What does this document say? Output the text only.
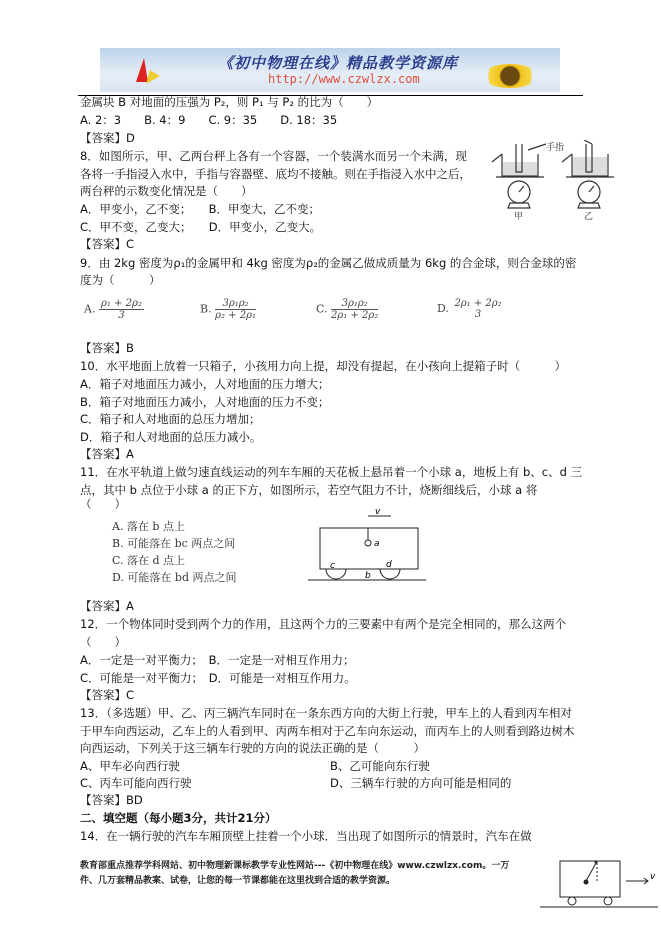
《初中物理在线》精品教学资源库
http://www.czwlzx.com
金属块 B 对地面的压强为 P₂，则 P₁ 与 P₂ 的比为（　　）
A. 2：3　　B. 4：9　　C. 9：35　　D. 18：35
【答案】D
8．如图所示，甲、乙两台秤上各有一个容器，一个装满水而另一个未满，现
各将一手指浸入水中，手指与容器壁、底均不接触。则在手指浸入水中之后，
两台秤的示数变化情况是（　　）
A．甲变小，乙不变；　　B．甲变大，乙不变；
C．甲不变，乙变大；　　D．甲变小，乙变大。
【答案】C
手指
甲	乙
9．由 2kg 密度为ρ₁的金属甲和 4kg 密度为ρ₂的金属乙做成质量为 6kg 的合金球，则合金球的密
度为（　　　）
A. $\frac{\text{ρ₁ + 2ρ₂}}{3}$	B. $\frac{\text{3ρ₁ρ₂}}{\text{ρ₂ + 2ρ₁}}$	C. $\frac{\text{3ρ₁ρ₂}}{\text{2ρ₁ + 2ρ₂}}$	D. 2ρ₁ + 2ρ₂
3
【答案】B
10．水平地面上放着一只箱子，小孩用力向上提，却没有提起，在小孩向上提箱子时（　　　）
A．箱子对地面压力减小，人对地面的压力增大；
B．箱子对地面压力减小，人对地面的压力不变；
C．箱子和人对地面的总压力增加；
D．箱子和人对地面的总压力减小。
【答案】A
11．在水平轨道上做匀速直线运动的列车车厢的天花板上悬吊着一个小球 a，地板上有 b、c、d 三
点，其中 b 点位于小球 a 的正下方，如图所示，若空气阻力不计，烧断细线后，小球 a 将
（　　）
A. 落在 b 点上
B. 可能落在 bc 两点之间
C. 落在 d 点上
D. 可能落在 bd 两点之间
v
a
c
b
d
【答案】A
12．一个物体同时受到两个力的作用，且这两个力的三要素中有两个是完全相同的，那么这两个
（　　）
A．一定是一对平衡力；　B．一定是一对相互作用力；
C．可能是一对平衡力；　D．可能是一对相互作用力。
【答案】C
13．（多选题）甲、乙、丙三辆汽车同时在一条东西方向的大街上行驶，甲车上的人看到丙车相对
于甲车向西运动，乙车上的人看到甲、丙两车相对于乙车向东运动，而丙车上的人则看到路边树木
向西运动，下列关于这三辆车行驶的方向的说法正确的是（　　　）
A、甲车必向西行驶	B、乙可能向东行驶
C、丙车可能向西行驶	D、三辆车行驶的方向可能是相同的
【答案】BD
二、填空题（每小题3分，共计21分）
14．在一辆行驶的汽车车厢顶壁上挂着一个小球．当出现了如图所示的情景时，汽车在做
教育部重点推荐学科网站、初中物理新课标教学专业性网站---《初中物理在线》www.czwlzx.com。一万
件、几万套精品教案、试卷，让您的每一节课都能在这里找到合适的教学资源。	v
